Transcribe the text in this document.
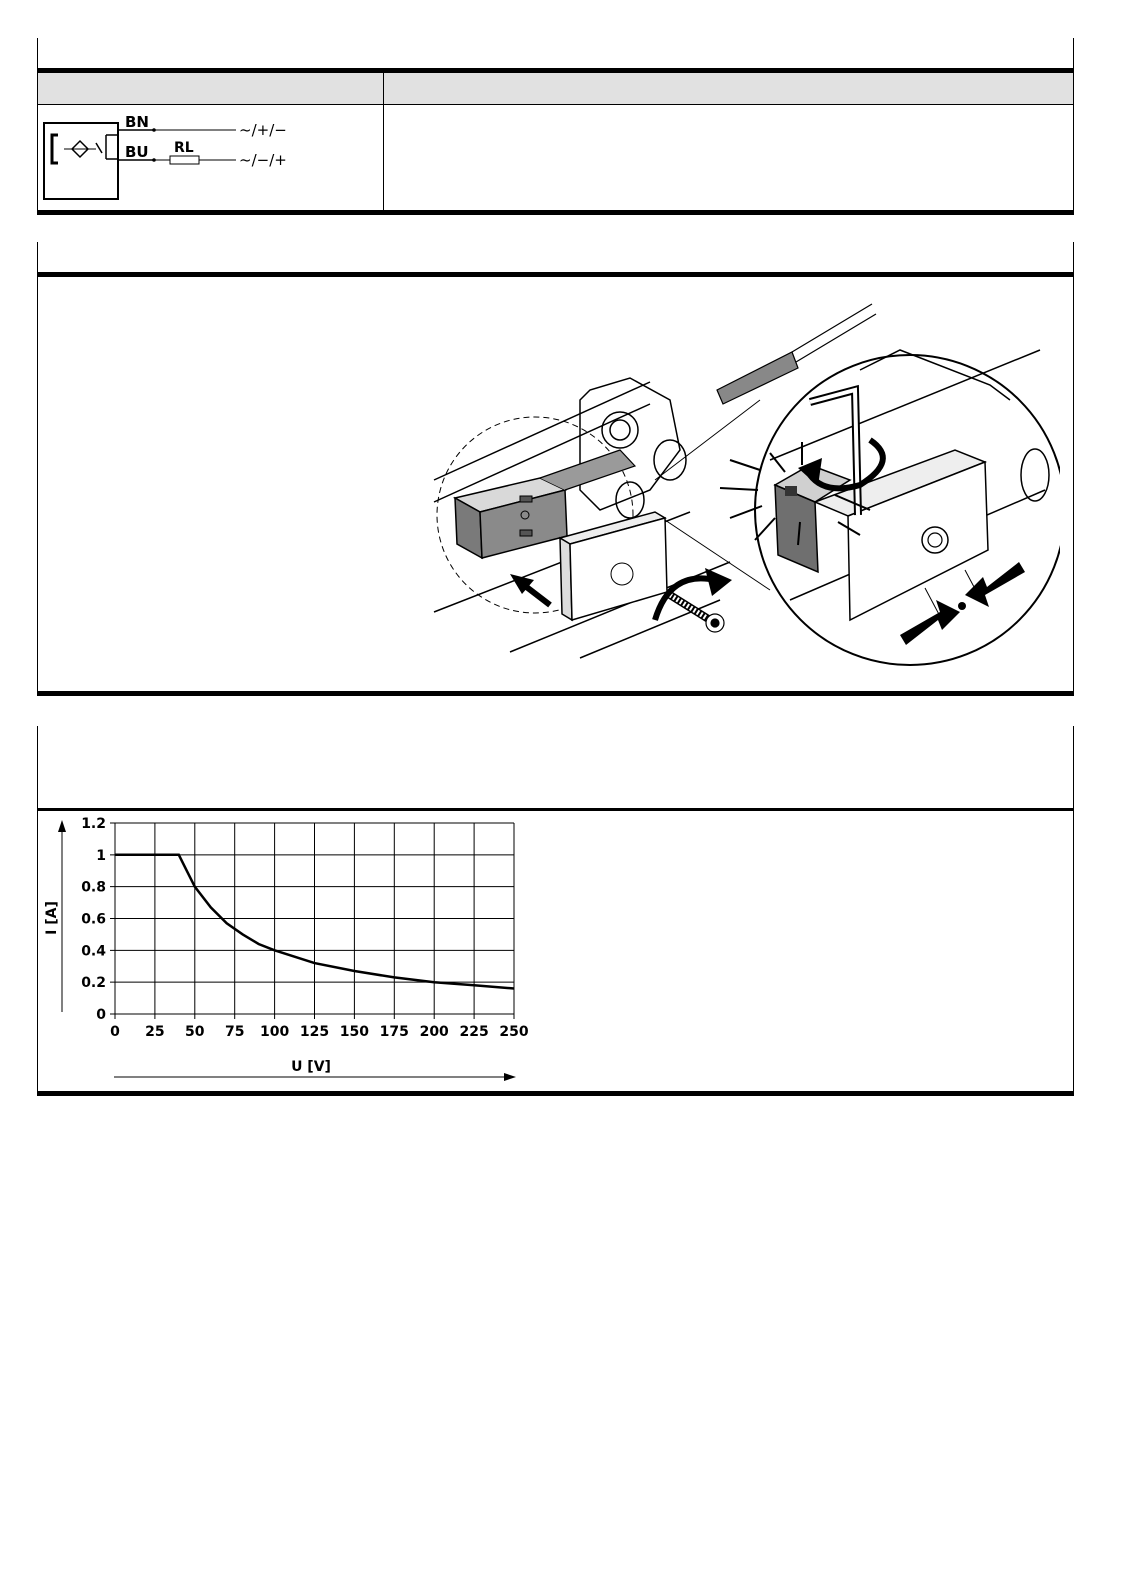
BN
BU RL
~/+/−
~/−/+
0 25 50 75 100 125 150 175 200 225 250
0
0.2
0.4
0.6
0.8
1
1.2
I [A]
U [V]
